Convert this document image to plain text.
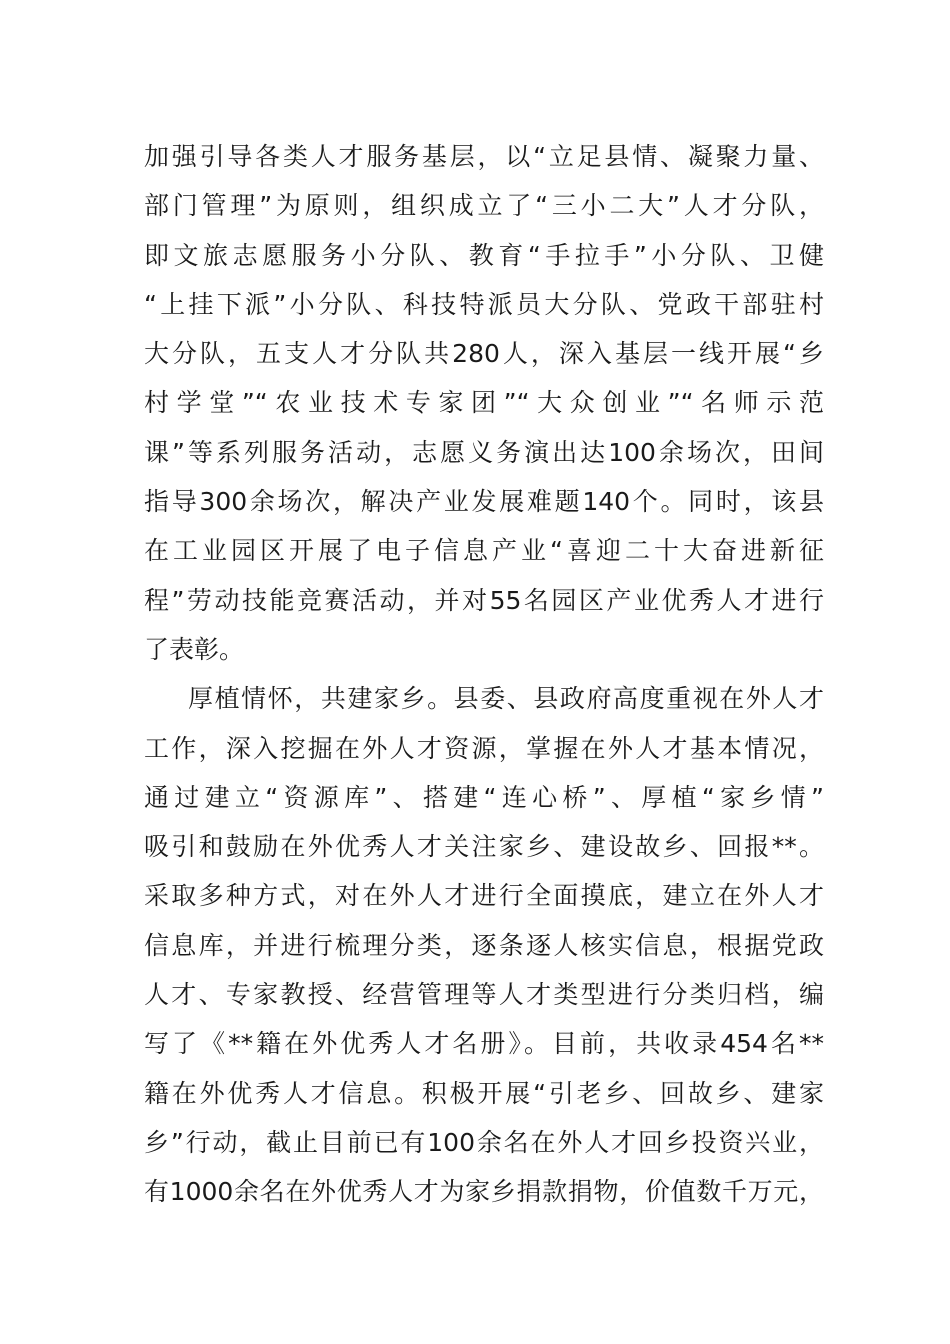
加强引导各类人才服务基层，以“立足县情、凝聚力量、
部门管理”为原则，组织成立了“三小二大”人才分队，
即文旅志愿服务小分队、教育“手拉手”小分队、卫健
“上挂下派”小分队、科技特派员大分队、党政干部驻村
大分队，五支人才分队共280人，深入基层一线开展“乡
村学堂”“农业技术专家团”“大众创业”“名师示范
课”等系列服务活动，志愿义务演出达100余场次，田间
指导300余场次，解决产业发展难题140个。同时，该县
在工业园区开展了电子信息产业“喜迎二十大奋进新征
程”劳动技能竞赛活动，并对55名园区产业优秀人才进行
了表彰。
厚植情怀，共建家乡。县委、县政府高度重视在外人才
工作，深入挖掘在外人才资源，掌握在外人才基本情况，
通过建立“资源库”、搭建“连心桥”、厚植“家乡情”
吸引和鼓励在外优秀人才关注家乡、建设故乡、回报**。
采取多种方式，对在外人才进行全面摸底，建立在外人才
信息库，并进行梳理分类，逐条逐人核实信息，根据党政
人才、专家教授、经营管理等人才类型进行分类归档，编
写了《**籍在外优秀人才名册》。目前，共收录454名**
籍在外优秀人才信息。积极开展“引老乡、回故乡、建家
乡”行动，截止目前已有100余名在外人才回乡投资兴业，
有1000余名在外优秀人才为家乡捐款捐物，价值数千万元，
